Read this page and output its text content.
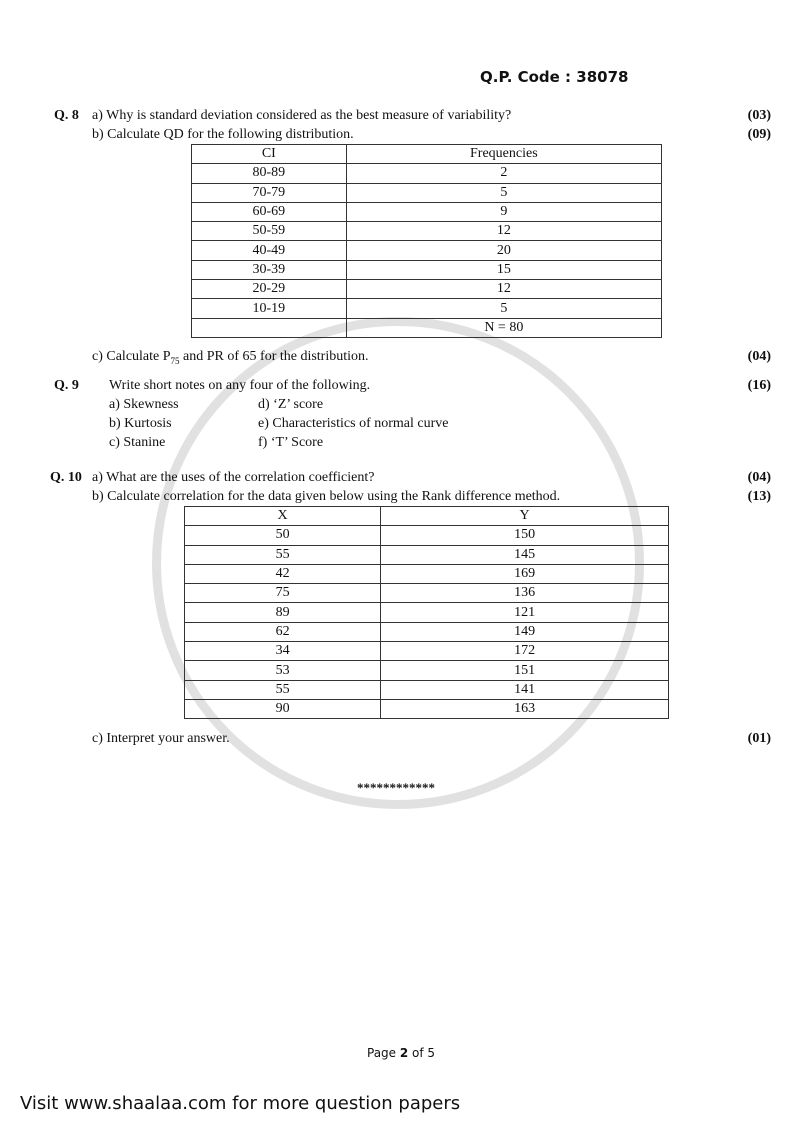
Q.P. Code : 38078
Q. 8 a) Why is standard deviation considered as the best measure of variability?	(03)
b) Calculate QD for the following distribution.	(09)
CI	Frequencies
80-89	2
70-79	5
60-69	9
50-59	12
40-49	20
30-39	15
20-29	12
10-19	5
	N = 80
c) Calculate $P_{75}$ and PR of 65 for the distribution.	(04)
Q. 9 Write short notes on any four of the following.	(16)
a) Skewness
b) Kurtosis
c) Stanine
d) ‘Z’ score
e) Characteristics of normal curve
f) ‘T’ Score
Q. 10 a) What are the uses of the correlation coefficient?	(04)
b) Calculate correlation for the data given below using the Rank difference method.	(13)
X	Y
50	150
55	145
42	169
75	136
89	121
62	149
34	172
53	151
55	141
90	163
c) Interpret your answer.	(01)
************
Page 2 of 5
Visit www.shaalaa.com for more question papers
